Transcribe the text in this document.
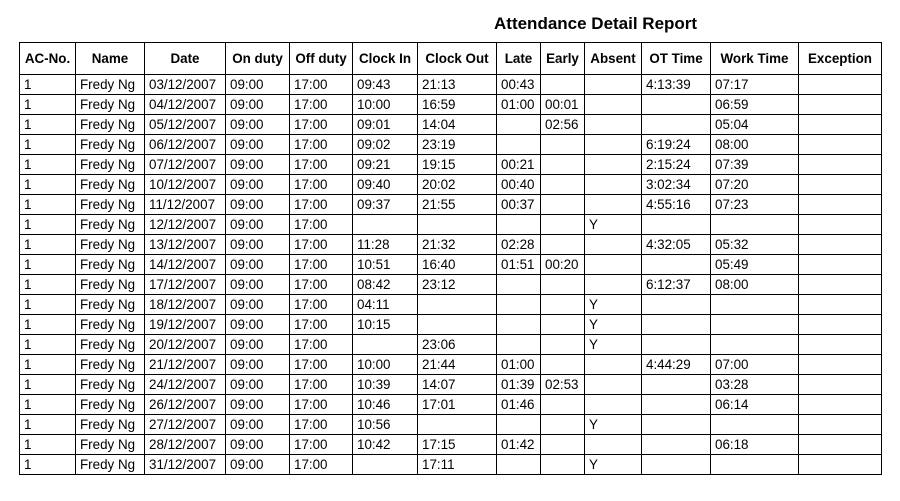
Attendance Detail Report
AC-No.	Name	Date	On duty	Off duty	Clock In	Clock Out	Late	Early	Absent	OT Time	Work Time	Exception
1	Fredy Ng	03/12/2007	09:00	17:00	09:43	21:13	00:43			4:13:39	07:17	
1	Fredy Ng	04/12/2007	09:00	17:00	10:00	16:59	01:00	00:01			06:59	
1	Fredy Ng	05/12/2007	09:00	17:00	09:01	14:04		02:56			05:04	
1	Fredy Ng	06/12/2007	09:00	17:00	09:02	23:19				6:19:24	08:00	
1	Fredy Ng	07/12/2007	09:00	17:00	09:21	19:15	00:21			2:15:24	07:39	
1	Fredy Ng	10/12/2007	09:00	17:00	09:40	20:02	00:40			3:02:34	07:20	
1	Fredy Ng	11/12/2007	09:00	17:00	09:37	21:55	00:37			4:55:16	07:23	
1	Fredy Ng	12/12/2007	09:00	17:00					Y			
1	Fredy Ng	13/12/2007	09:00	17:00	11:28	21:32	02:28			4:32:05	05:32	
1	Fredy Ng	14/12/2007	09:00	17:00	10:51	16:40	01:51	00:20			05:49	
1	Fredy Ng	17/12/2007	09:00	17:00	08:42	23:12				6:12:37	08:00	
1	Fredy Ng	18/12/2007	09:00	17:00	04:11				Y			
1	Fredy Ng	19/12/2007	09:00	17:00	10:15				Y			
1	Fredy Ng	20/12/2007	09:00	17:00		23:06			Y			
1	Fredy Ng	21/12/2007	09:00	17:00	10:00	21:44	01:00			4:44:29	07:00	
1	Fredy Ng	24/12/2007	09:00	17:00	10:39	14:07	01:39	02:53			03:28	
1	Fredy Ng	26/12/2007	09:00	17:00	10:46	17:01	01:46				06:14	
1	Fredy Ng	27/12/2007	09:00	17:00	10:56				Y			
1	Fredy Ng	28/12/2007	09:00	17:00	10:42	17:15	01:42				06:18	
1	Fredy Ng	31/12/2007	09:00	17:00		17:11			Y			
